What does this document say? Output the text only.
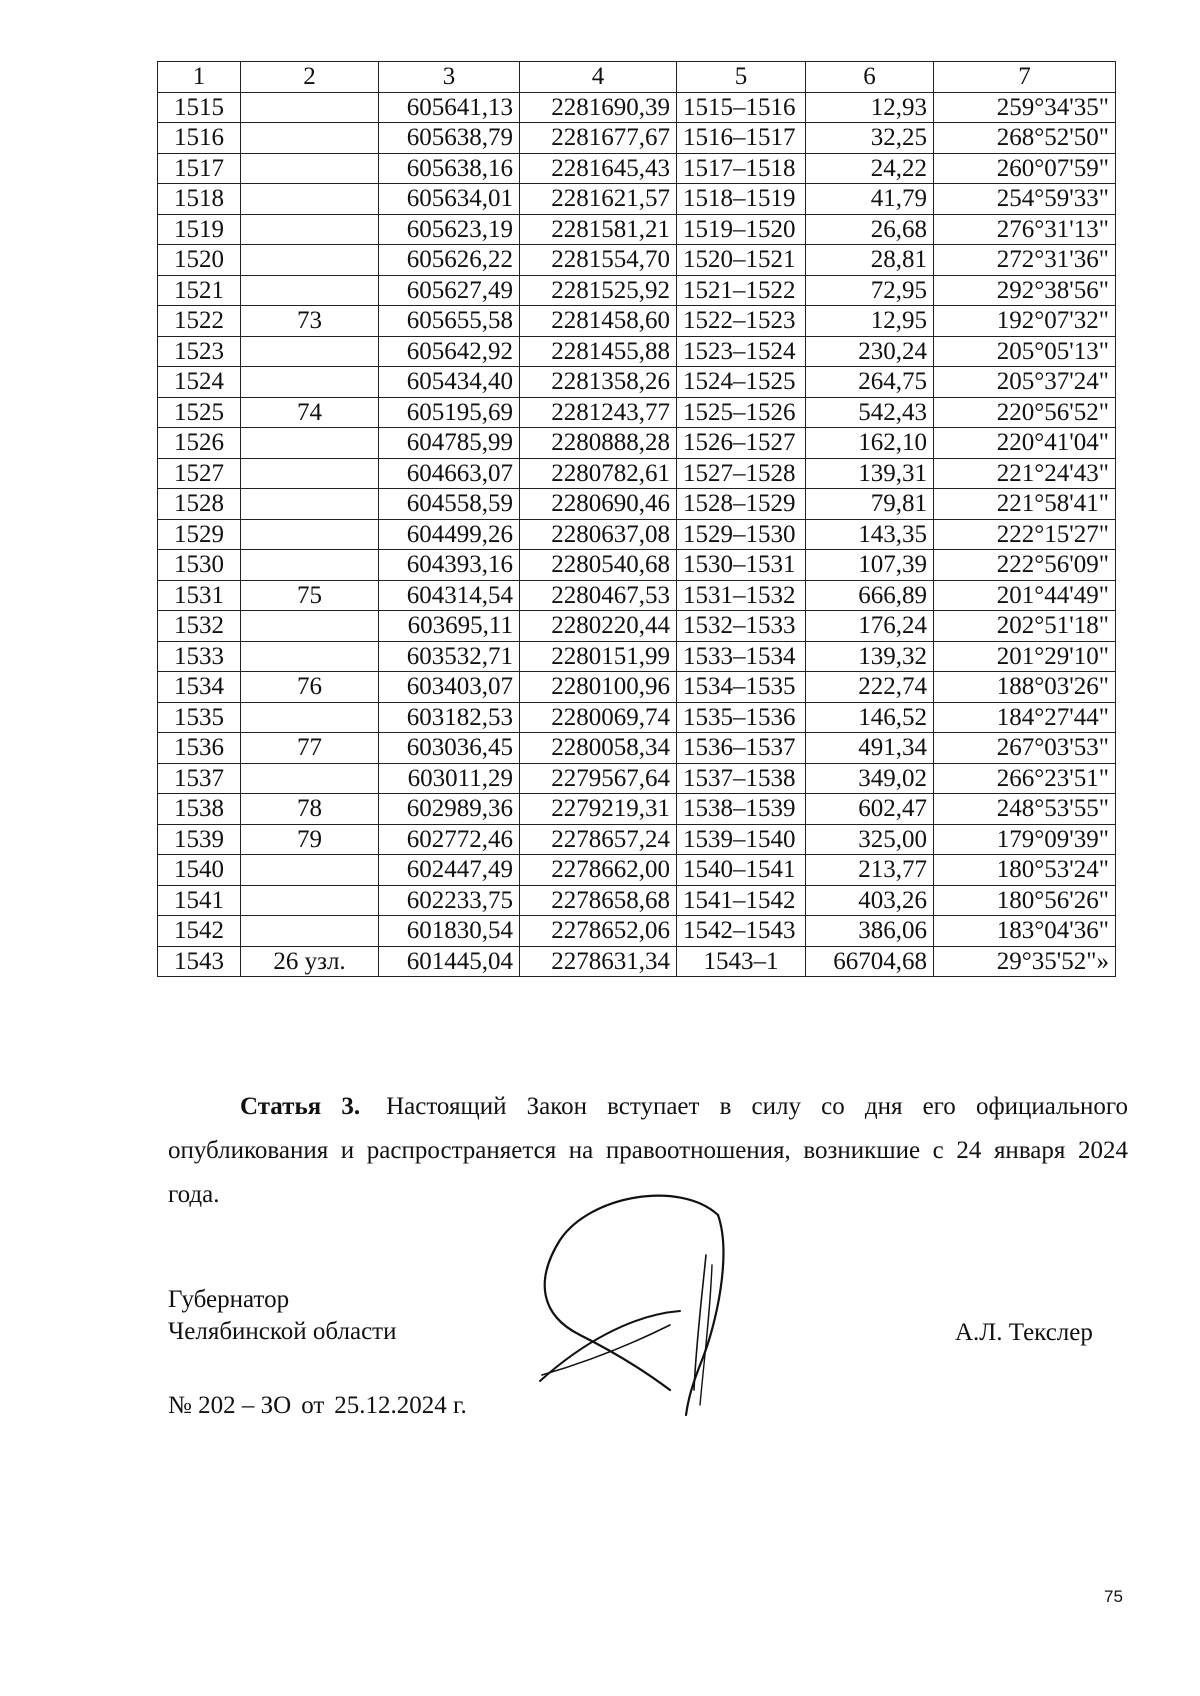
1	2	3	4	5	6	7
1515		605641,13	2281690,39	1515–1516	12,93	259°34'35"
1516		605638,79	2281677,67	1516–1517	32,25	268°52'50"
1517		605638,16	2281645,43	1517–1518	24,22	260°07'59"
1518		605634,01	2281621,57	1518–1519	41,79	254°59'33"
1519		605623,19	2281581,21	1519–1520	26,68	276°31'13"
1520		605626,22	2281554,70	1520–1521	28,81	272°31'36"
1521		605627,49	2281525,92	1521–1522	72,95	292°38'56"
1522	73	605655,58	2281458,60	1522–1523	12,95	192°07'32"
1523		605642,92	2281455,88	1523–1524	230,24	205°05'13"
1524		605434,40	2281358,26	1524–1525	264,75	205°37'24"
1525	74	605195,69	2281243,77	1525–1526	542,43	220°56'52"
1526		604785,99	2280888,28	1526–1527	162,10	220°41'04"
1527		604663,07	2280782,61	1527–1528	139,31	221°24'43"
1528		604558,59	2280690,46	1528–1529	79,81	221°58'41"
1529		604499,26	2280637,08	1529–1530	143,35	222°15'27"
1530		604393,16	2280540,68	1530–1531	107,39	222°56'09"
1531	75	604314,54	2280467,53	1531–1532	666,89	201°44'49"
1532		603695,11	2280220,44	1532–1533	176,24	202°51'18"
1533		603532,71	2280151,99	1533–1534	139,32	201°29'10"
1534	76	603403,07	2280100,96	1534–1535	222,74	188°03'26"
1535		603182,53	2280069,74	1535–1536	146,52	184°27'44"
1536	77	603036,45	2280058,34	1536–1537	491,34	267°03'53"
1537		603011,29	2279567,64	1537–1538	349,02	266°23'51"
1538	78	602989,36	2279219,31	1538–1539	602,47	248°53'55"
1539	79	602772,46	2278657,24	1539–1540	325,00	179°09'39"
1540		602447,49	2278662,00	1540–1541	213,77	180°53'24"
1541		602233,75	2278658,68	1541–1542	403,26	180°56'26"
1542		601830,54	2278652,06	1542–1543	386,06	183°04'36"
1543	26 узл.	601445,04	2278631,34	1543–1	66704,68	29°35'52"»

Статья 3. Настоящий Закон вступает в силу со дня его официального опубликования и распространяется на правоотношения, возникшие с 24 января 2024 года.

Губернатор
Челябинской области	А.Л. Текслер
№ 202 – ЗО от 25.12.2024 г.
75
